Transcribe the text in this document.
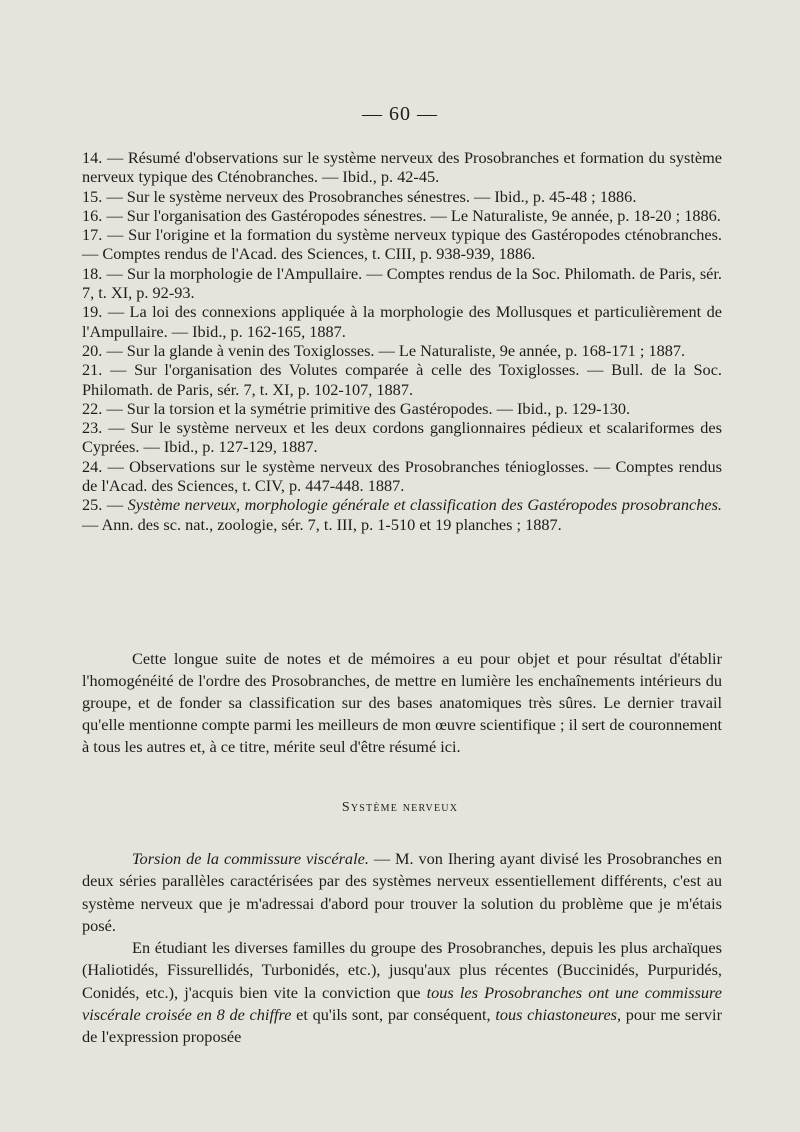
— 60 —

14. — Résumé d'observations sur le système nerveux des Prosobranches et formation du système nerveux typique des Cténobranches. — Ibid., p. 42-45.

15. — Sur le système nerveux des Prosobranches sénestres. — Ibid., p. 45-48 ; 1886.

16. — Sur l'organisation des Gastéropodes sénestres. — Le Naturaliste, 9e année, p. 18-20 ; 1886.

17. — Sur l'origine et la formation du système nerveux typique des Gastéropodes cténobranches. — Comptes rendus de l'Acad. des Sciences, t. CIII, p. 938-939, 1886.

18. — Sur la morphologie de l'Ampullaire. — Comptes rendus de la Soc. Philomath. de Paris, sér. 7, t. XI, p. 92-93.

19. — La loi des connexions appliquée à la morphologie des Mollusques et particulièrement de l'Ampullaire. — Ibid., p. 162-165, 1887.

20. — Sur la glande à venin des Toxiglosses. — Le Naturaliste, 9e année, p. 168-171 ; 1887.

21. — Sur l'organisation des Volutes comparée à celle des Toxiglosses. — Bull. de la Soc. Philomath. de Paris, sér. 7, t. XI, p. 102-107, 1887.

22. — Sur la torsion et la symétrie primitive des Gastéropodes. — Ibid., p. 129-130.

23. — Sur le système nerveux et les deux cordons ganglionnaires pédieux et scalariformes des Cyprées. — Ibid., p. 127-129, 1887.

24. — Observations sur le système nerveux des Prosobranches ténioglosses. — Comptes rendus de l'Acad. des Sciences, t. CIV, p. 447-448. 1887.

25. — Système nerveux, morphologie générale et classification des Gastéropodes prosobranches. — Ann. des sc. nat., zoologie, sér. 7, t. III, p. 1-510 et 19 planches ; 1887.

Cette longue suite de notes et de mémoires a eu pour objet et pour résultat d'établir l'homogénéité de l'ordre des Prosobranches, de mettre en lumière les enchaînements intérieurs du groupe, et de fonder sa classification sur des bases anatomiques très sûres. Le dernier travail qu'elle mentionne compte parmi les meilleurs de mon œuvre scientifique ; il sert de couronnement à tous les autres et, à ce titre, mérite seul d'être résumé ici.

Système nerveux

Torsion de la commissure viscérale. — M. von Ihering ayant divisé les Prosobranches en deux séries parallèles caractérisées par des systèmes nerveux essentiellement différents, c'est au système nerveux que je m'adressai d'abord pour trouver la solution du problème que je m'étais posé.

En étudiant les diverses familles du groupe des Prosobranches, depuis les plus archaïques (Haliotidés, Fissurellidés, Turbonidés, etc.), jusqu'aux plus récentes (Buccinidés, Purpuridés, Conidés, etc.), j'acquis bien vite la conviction que tous les Prosobranches ont une commissure viscérale croisée en 8 de chiffre et qu'ils sont, par conséquent, tous chiastoneures, pour me servir de l'expression proposée
